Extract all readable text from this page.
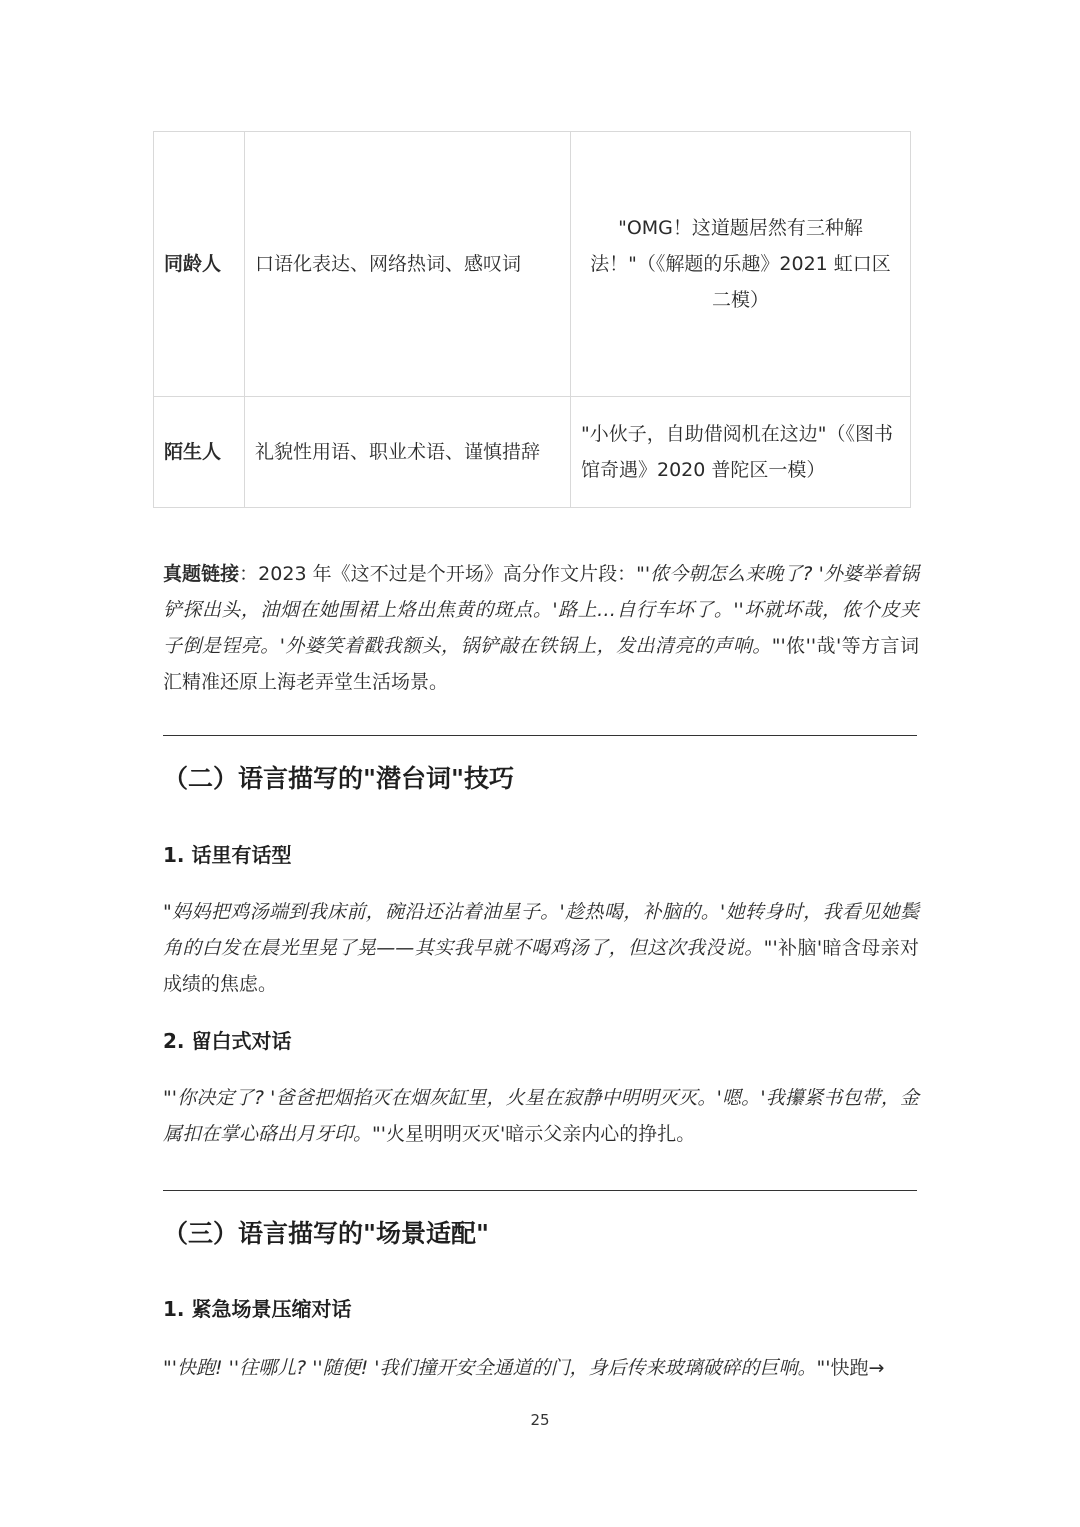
同龄人	口语化表达、网络热词、感叹词	"OMG！这道题居然有三种解法！"（《解题的乐趣》2021 虹口区二模）
陌生人	礼貌性用语、职业术语、谨慎措辞	"小伙子，自助借阅机在这边"（《图书馆奇遇》2020 普陀区一模）

真题链接：2023 年《这不过是个开场》高分作文片段："'侬今朝怎么来晚了? '外婆举着锅铲探出头，油烟在她围裙上烙出焦黄的斑点。'路上…自行车坏了。''坏就坏哉，侬个皮夹子倒是锃亮。'外婆笑着戳我额头，锅铲敲在铁锅上，发出清亮的声响。"'侬''哉'等方言词汇精准还原上海老弄堂生活场景。

（二）语言描写的"潜台词"技巧
1. 话里有话型

"妈妈把鸡汤端到我床前，碗沿还沾着油星子。'趁热喝，补脑的。'她转身时，我看见她鬓角的白发在晨光里晃了晃——其实我早就不喝鸡汤了，但这次我没说。"'补脑'暗含母亲对成绩的焦虑。

2. 留白式对话

"'你决定了? '爸爸把烟掐灭在烟灰缸里，火星在寂静中明明灭灭。'嗯。'我攥紧书包带，金属扣在掌心硌出月牙印。"'火星明明灭灭'暗示父亲内心的挣扎。

（三）语言描写的"场景适配"
1. 紧急场景压缩对话

"'快跑! ''往哪儿? ''随便! '我们撞开安全通道的门，身后传来玻璃破碎的巨响。"'快跑→

25
